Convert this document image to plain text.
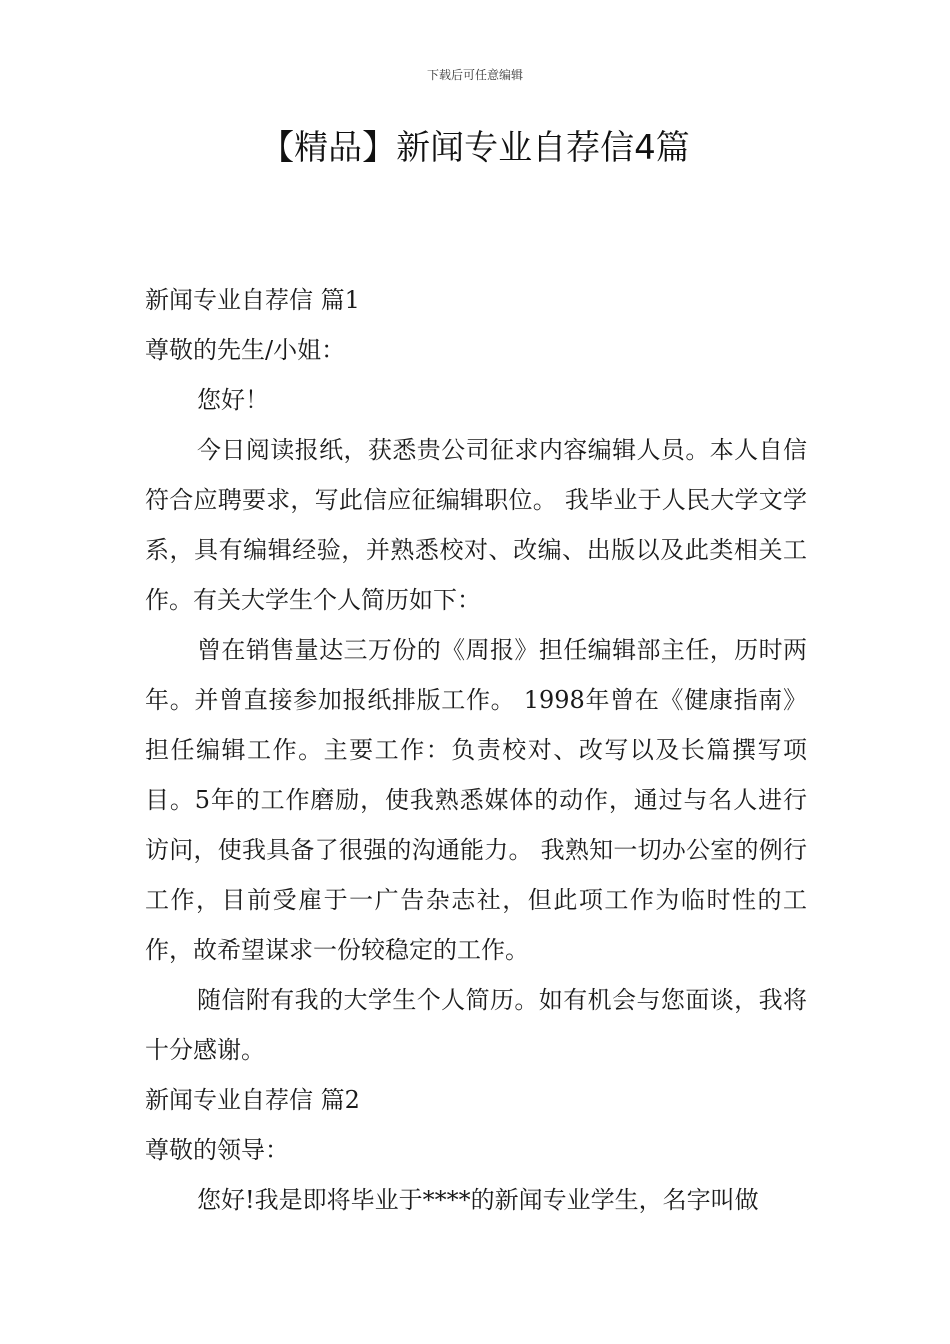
下载后可任意编辑
【精品】新闻专业自荐信4篇

新闻专业自荐信 篇1

尊敬的先生/小姐：

您好！

今日阅读报纸，获悉贵公司征求内容编辑人员。本人自信符合应聘要求，写此信应征编辑职位。 我毕业于人民大学文学系，具有编辑经验，并熟悉校对、改编、出版以及此类相关工作。有关大学生个人简历如下：

曾在销售量达三万份的《周报》担任编辑部主任，历时两年。并曾直接参加报纸排版工作。 1998年曾在《健康指南》担任编辑工作。主要工作：负责校对、改写以及长篇撰写项目。5年的工作磨励，使我熟悉媒体的动作，通过与名人进行访问，使我具备了很强的沟通能力。 我熟知一切办公室的例行工作，目前受雇于一广告杂志社，但此项工作为临时性的工作，故希望谋求一份较稳定的工作。

随信附有我的大学生个人简历。如有机会与您面谈，我将十分感谢。

新闻专业自荐信 篇2

尊敬的领导：

您好!我是即将毕业于****的新闻专业学生，名字叫做
